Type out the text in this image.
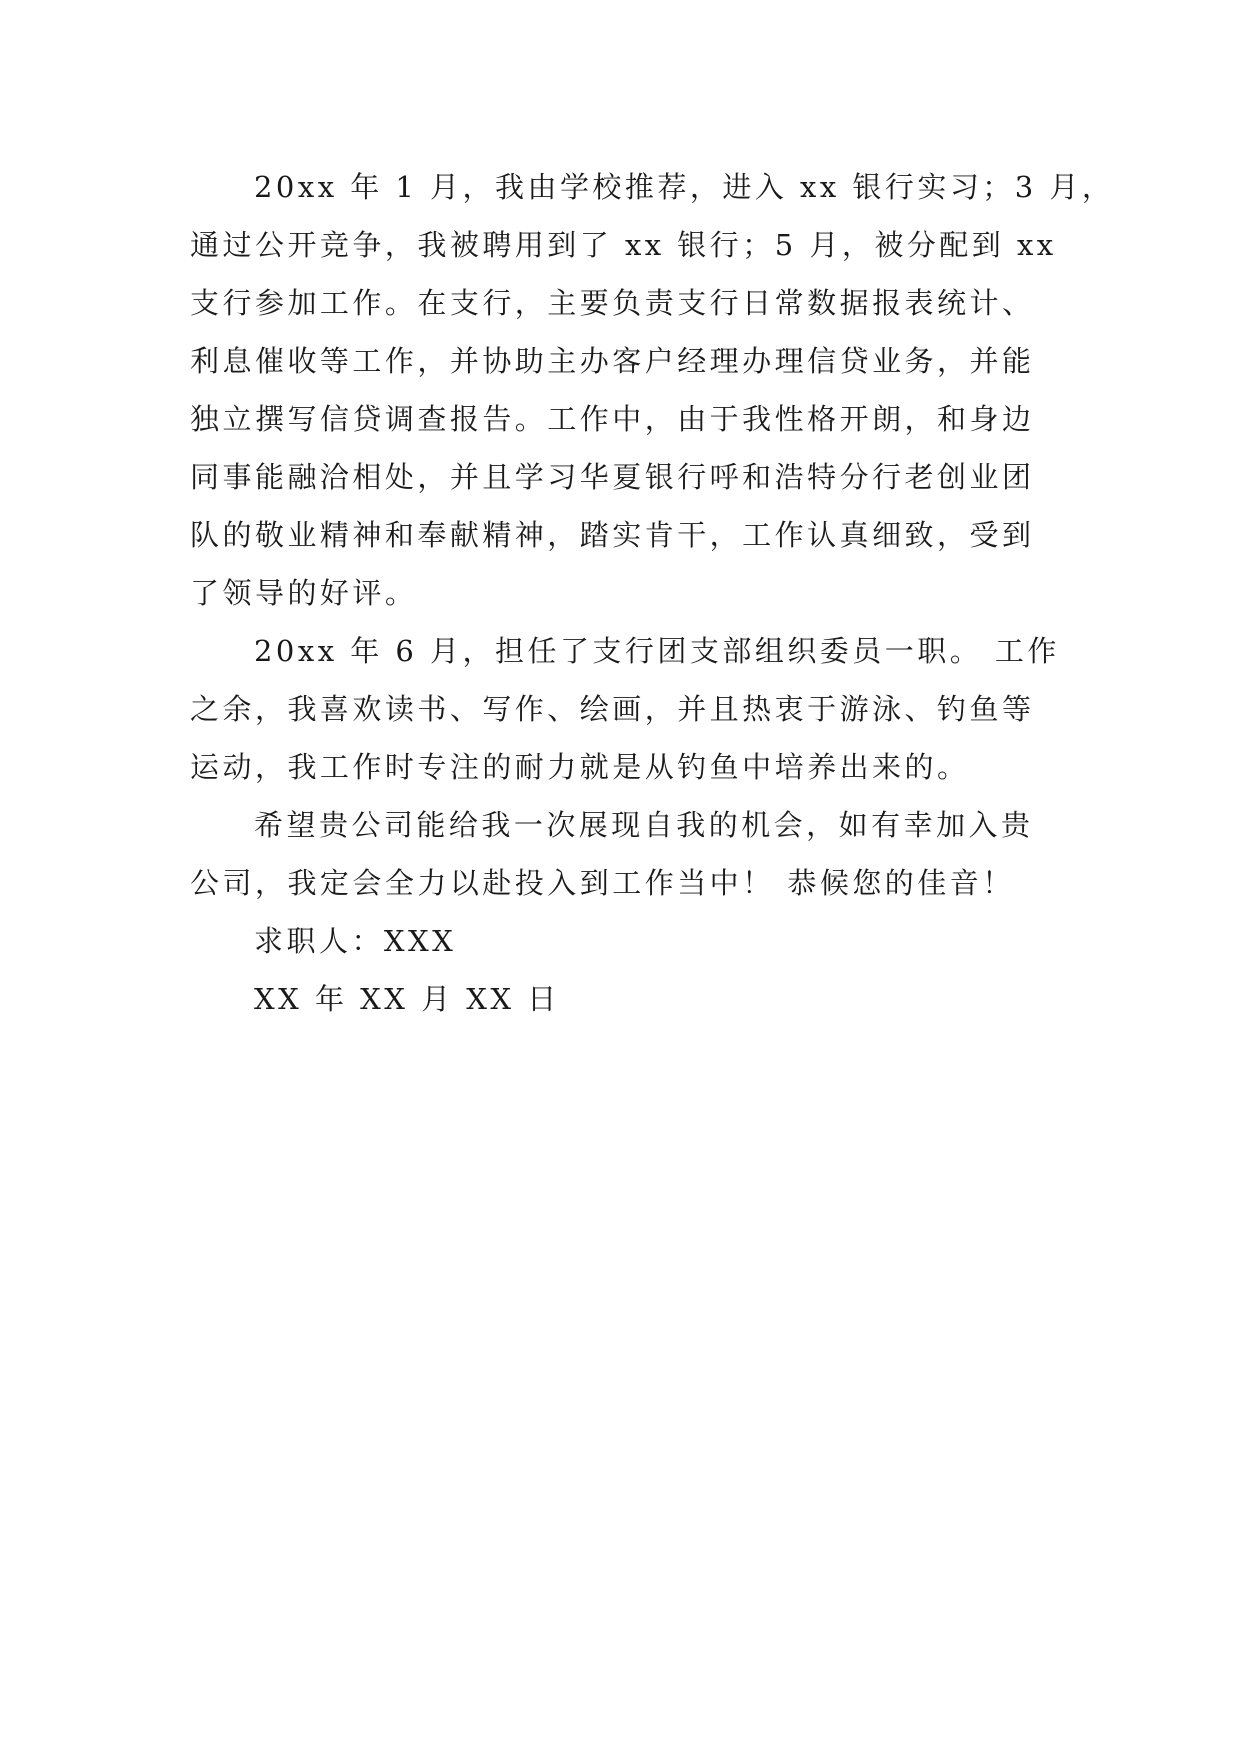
20xx 年 1 月，我由学校推荐，进入 xx 银行实习；3 月，
通过公开竞争，我被聘用到了 xx 银行；5 月，被分配到 xx
支行参加工作。在支行，主要负责支行日常数据报表统计、
利息催收等工作，并协助主办客户经理办理信贷业务，并能
独立撰写信贷调查报告。工作中，由于我性格开朗，和身边
同事能融洽相处，并且学习华夏银行呼和浩特分行老创业团
队的敬业精神和奉献精神，踏实肯干，工作认真细致，受到
了领导的好评。
20xx 年 6 月，担任了支行团支部组织委员一职。 工作
之余，我喜欢读书、写作、绘画，并且热衷于游泳、钓鱼等
运动，我工作时专注的耐力就是从钓鱼中培养出来的。
希望贵公司能给我一次展现自我的机会，如有幸加入贵
公司，我定会全力以赴投入到工作当中！ 恭候您的佳音！
求职人：XXX
XX 年 XX 月 XX 日
